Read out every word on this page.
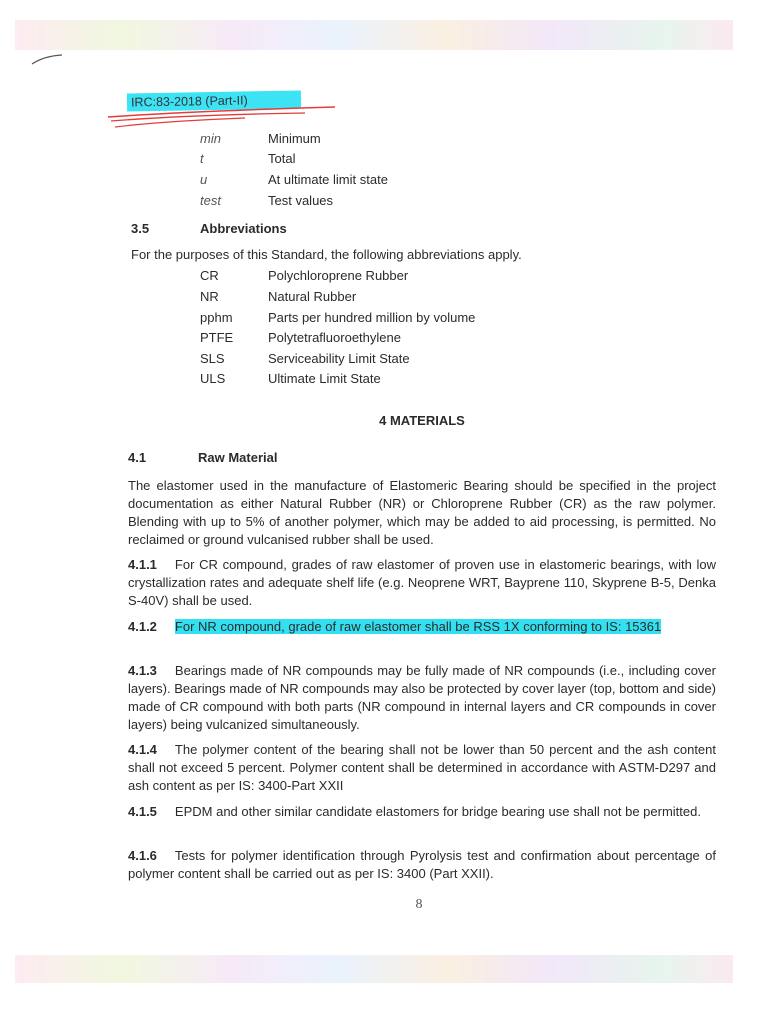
IRC:83-2018 (Part-II)
min	Minimum
t	Total
u	At ultimate limit state
test	Test values
3.5	Abbreviations
For the purposes of this Standard, the following abbreviations apply.
CR	Polychloroprene Rubber
NR	Natural Rubber
pphm	Parts per hundred million by volume
PTFE	Polytetrafluoroethylene
SLS	Serviceability Limit State
ULS	Ultimate Limit State
4 MATERIALS
4.1	Raw Material
The elastomer used in the manufacture of Elastomeric Bearing should be specified in the project documentation as either Natural Rubber (NR) or Chloroprene Rubber (CR) as the raw polymer. Blending with up to 5% of another polymer, which may be added to aid processing, is permitted. No reclaimed or ground vulcanised rubber shall be used.
4.1.1 For CR compound, grades of raw elastomer of proven use in elastomeric bearings, with low crystallization rates and adequate shelf life (e.g. Neoprene WRT, Bayprene 110, Skyprene B-5, Denka S-40V) shall be used.
4.1.2 For NR compound, grade of raw elastomer shall be RSS 1X conforming to IS: 15361
4.1.3 Bearings made of NR compounds may be fully made of NR compounds (i.e., including cover layers). Bearings made of NR compounds may also be protected by cover layer (top, bottom and side) made of CR compound with both parts (NR compound in internal layers and CR compounds in cover layers) being vulcanized simultaneously.
4.1.4 The polymer content of the bearing shall not be lower than 50 percent and the ash content shall not exceed 5 percent. Polymer content shall be determined in accordance with ASTM-D297 and ash content as per IS: 3400-Part XXII
4.1.5 EPDM and other similar candidate elastomers for bridge bearing use shall not be permitted.
4.1.6 Tests for polymer identification through Pyrolysis test and confirmation about percentage of polymer content shall be carried out as per IS: 3400 (Part XXII).
8
